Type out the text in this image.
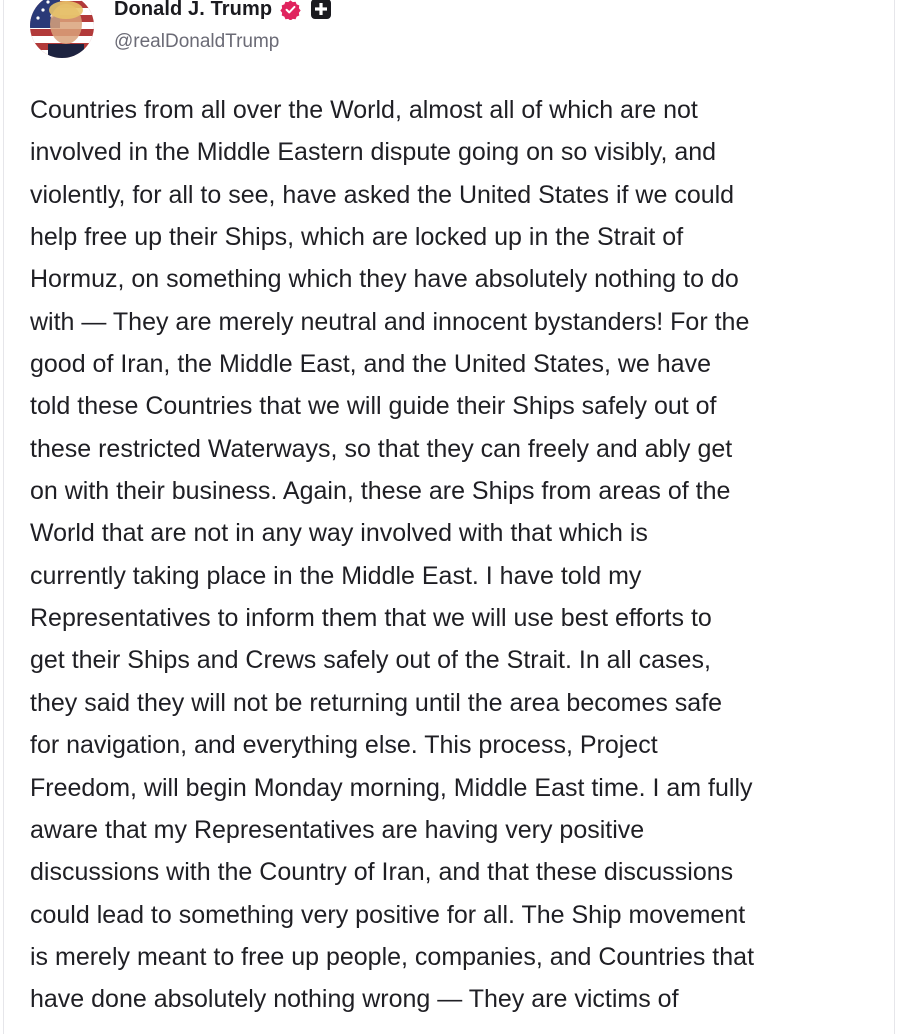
Donald J. Trump
@realDonaldTrump
Countries from all over the World, almost all of which are not
involved in the Middle Eastern dispute going on so visibly, and
violently, for all to see, have asked the United States if we could
help free up their Ships, which are locked up in the Strait of
Hormuz, on something which they have absolutely nothing to do
with — They are merely neutral and innocent bystanders! For the
good of Iran, the Middle East, and the United States, we have
told these Countries that we will guide their Ships safely out of
these restricted Waterways, so that they can freely and ably get
on with their business. Again, these are Ships from areas of the
World that are not in any way involved with that which is
currently taking place in the Middle East. I have told my
Representatives to inform them that we will use best efforts to
get their Ships and Crews safely out of the Strait. In all cases,
they said they will not be returning until the area becomes safe
for navigation, and everything else. This process, Project
Freedom, will begin Monday morning, Middle East time. I am fully
aware that my Representatives are having very positive
discussions with the Country of Iran, and that these discussions
could lead to something very positive for all. The Ship movement
is merely meant to free up people, companies, and Countries that
have done absolutely nothing wrong — They are victims of
